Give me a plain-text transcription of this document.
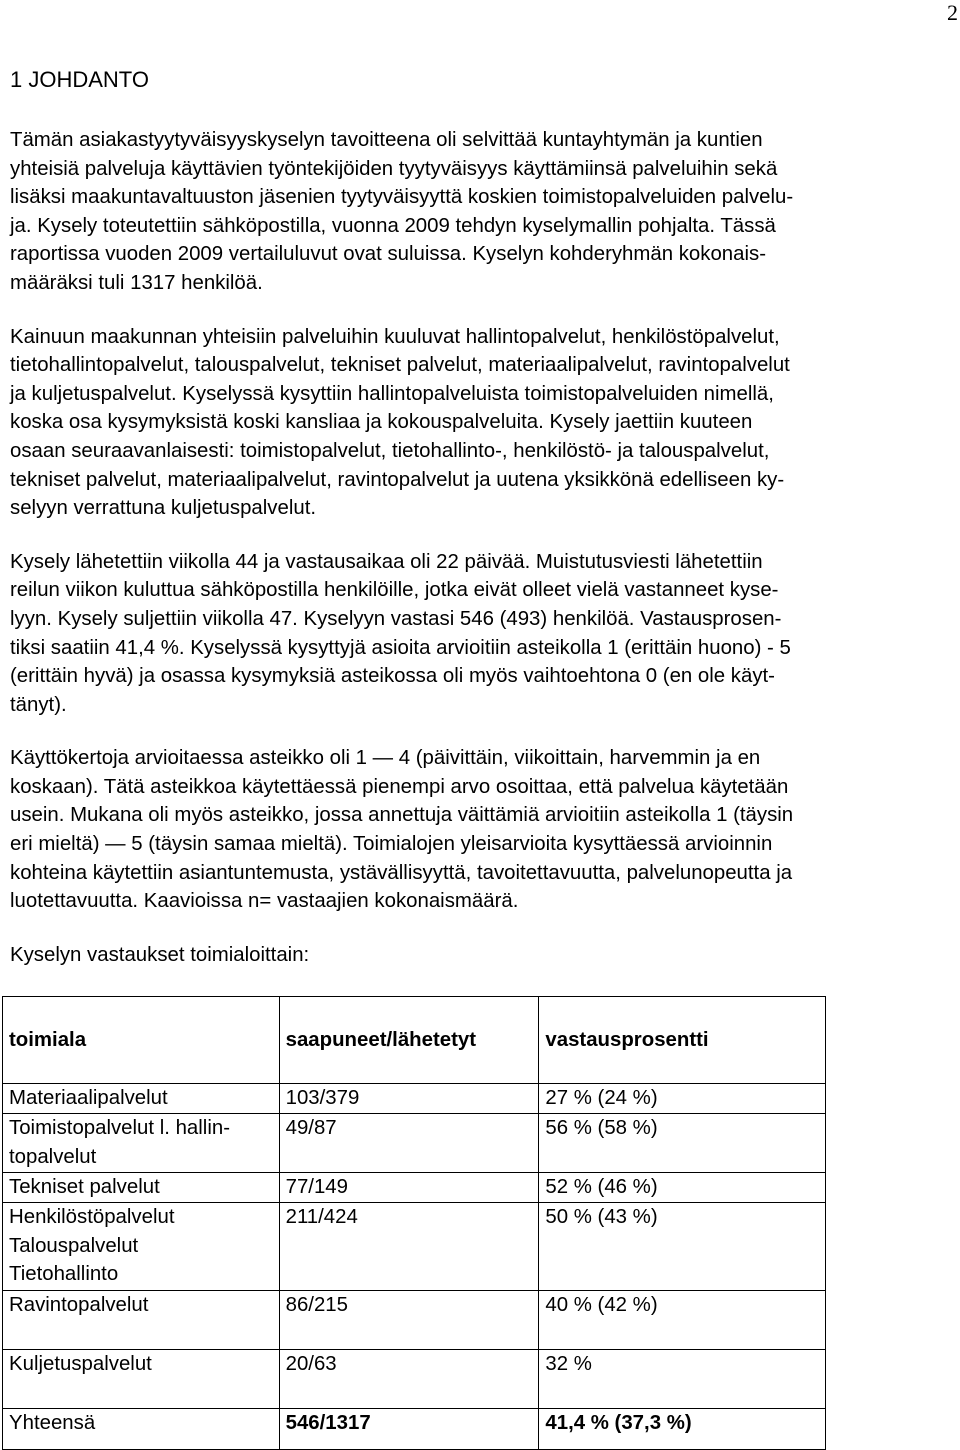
2
1 JOHDANTO

Tämän asiakastyytyväisyyskyselyn tavoitteena oli selvittää kuntayhtymän ja kuntien
yhteisiä palveluja käyttävien työntekijöiden tyytyväisyys käyttämiinsä palveluihin sekä
lisäksi maakuntavaltuuston jäsenien tyytyväisyyttä koskien toimistopalveluiden palvelu-
ja. Kysely toteutettiin sähköpostilla, vuonna 2009 tehdyn kyselymallin pohjalta. Tässä
raportissa vuoden 2009 vertailuluvut ovat suluissa. Kyselyn kohderyhmän kokonais-
määräksi tuli 1317 henkilöä.

Kainuun maakunnan yhteisiin palveluihin kuuluvat hallintopalvelut, henkilöstöpalvelut,
tietohallintopalvelut, talouspalvelut, tekniset palvelut, materiaalipalvelut, ravintopalvelut
ja kuljetuspalvelut. Kyselyssä kysyttiin hallintopalveluista toimistopalveluiden nimellä,
koska osa kysymyksistä koski kansliaa ja kokouspalveluita. Kysely jaettiin kuuteen
osaan seuraavanlaisesti: toimistopalvelut, tietohallinto-, henkilöstö- ja talouspalvelut,
tekniset palvelut, materiaalipalvelut, ravintopalvelut ja uutena yksikkönä edelliseen ky-
selyyn verrattuna kuljetuspalvelut.

Kysely lähetettiin viikolla 44 ja vastausaikaa oli 22 päivää. Muistutusviesti lähetettiin
reilun viikon kuluttua sähköpostilla henkilöille, jotka eivät olleet vielä vastanneet kyse-
lyyn. Kysely suljettiin viikolla 47. Kyselyyn vastasi 546 (493) henkilöä. Vastausprosen-
tiksi saatiin 41,4 %. Kyselyssä kysyttyjä asioita arvioitiin asteikolla 1 (erittäin huono) - 5
(erittäin hyvä) ja osassa kysymyksiä asteikossa oli myös vaihtoehtona 0 (en ole käyt-
tänyt).

Käyttökertoja arvioitaessa asteikko oli 1 — 4 (päivittäin, viikoittain, harvemmin ja en
koskaan). Tätä asteikkoa käytettäessä pienempi arvo osoittaa, että palvelua käytetään
usein. Mukana oli myös asteikko, jossa annettuja väittämiä arvioitiin asteikolla 1 (täysin
eri mieltä) — 5 (täysin samaa mieltä). Toimialojen yleisarvioita kysyttäessä arvioinnin
kohteina käytettiin asiantuntemusta, ystävällisyyttä, tavoitettavuutta, palvelunopeutta ja
luotettavuutta. Kaavioissa n= vastaajien kokonaismäärä.

Kyselyn vastaukset toimialoittain:

toimiala	saapuneet/lähetetyt	vastausprosentti
Materiaalipalvelut	103/379	27 % (24 %)
Toimistopalvelut l. hallin-
topalvelut	49/87	56 % (58 %)
Tekniset palvelut	77/149	52 % (46 %)
Henkilöstöpalvelut
Talouspalvelut
Tietohallinto	211/424	50 % (43 %)
Ravintopalvelut	86/215	40 % (42 %)
Kuljetuspalvelut	20/63	32 %
Yhteensä	546/1317	41,4 % (37,3 %)
